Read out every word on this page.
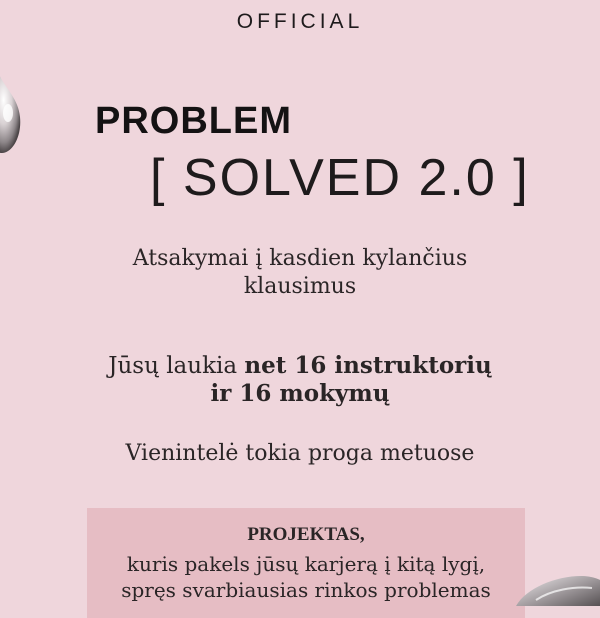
OFFICIAL
PROBLEM
[ SOLVED 2.0 ]
Atsakymai į kasdien kylančius
klausimus
Jūsų laukia net 16 instruktorių
ir 16 mokymų
Vienintelė tokia proga metuose
PROJEKTAS,
kuris pakels jūsų karjerą į kitą lygį,
spręs svarbiausias rinkos problemas
